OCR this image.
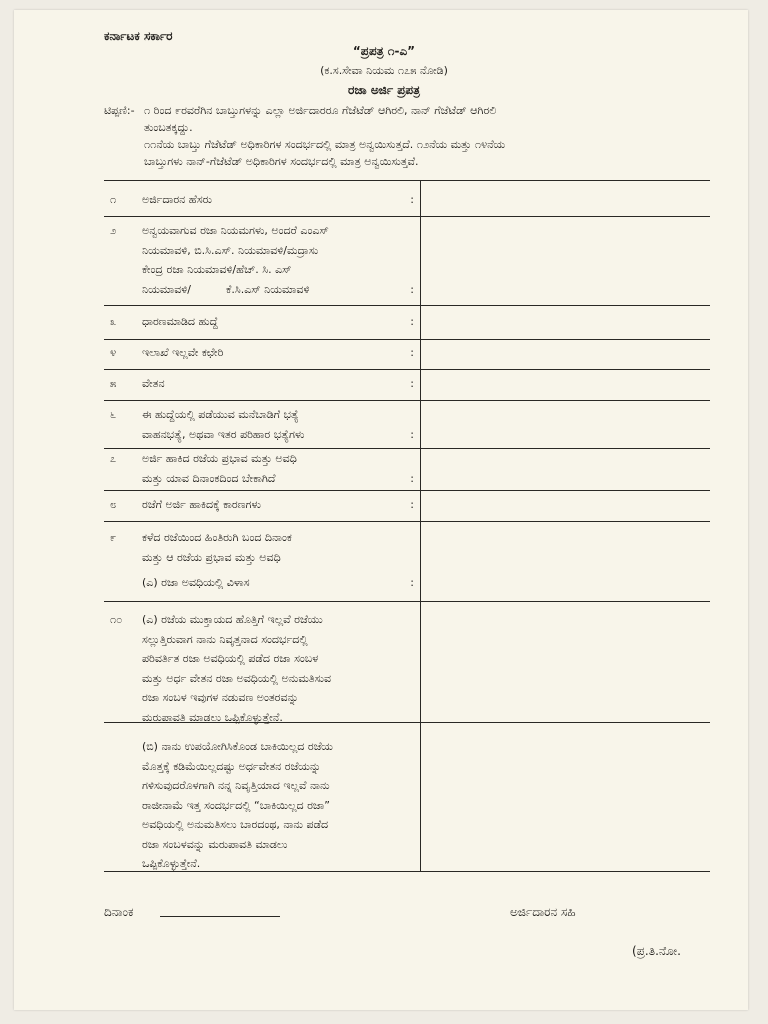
ಕರ್ನಾಟಕ ಸರ್ಕಾರ
“ಪ್ರಪತ್ರ ೧-ಎ”
(ಕ.ಸ.ಸೇವಾ ನಿಯಮ ೧೭೫ ನೋಡಿ)
ರಜಾ ಅರ್ಜಿ ಪ್ರಪತ್ರ
ಟಿಪ್ಪಣಿ:- ೧ ರಿಂದ ೯ರವರೆಗಿನ ಬಾಬ್ತುಗಳನ್ನು ಎಲ್ಲಾ ಅರ್ಜಿದಾರರೂ ಗೆಜೆಟೆಡ್ ಆಗಿರಲಿ, ನಾನ್ ಗೆಜೆಟೆಡ್ ಆಗಿರಲಿ
ತುಂಬತಕ್ಕದ್ದು.
೧೧ನೆಯ ಬಾಬ್ತು ಗೆಜೆಟೆಡ್ ಅಧಿಕಾರಿಗಳ ಸಂದರ್ಭದಲ್ಲಿ ಮಾತ್ರ ಅನ್ವಯಿಸುತ್ತದೆ. ೧೨ನೆಯ ಮತ್ತು ೧೪ನೆಯ
ಬಾಬ್ತುಗಳು ನಾನ್-ಗೆಜೆಟೆಡ್ ಅಧಿಕಾರಿಗಳ ಸಂದರ್ಭದಲ್ಲಿ ಮಾತ್ರ ಅನ್ವಯಿಸುತ್ತವೆ.
೧	ಅರ್ಜಿದಾರನ ಹೆಸರು	:
೨	ಅನ್ವಯವಾಗುವ ರಜಾ ನಿಯಮಗಳು, ಅಂದರೆ ಎಂಎಸ್
ನಿಯಮಾವಳಿ, ಬಿ.ಸಿ.ಎಸ್. ನಿಯಮಾವಳಿ/ಮದ್ರಾಸು
ಕೇಂದ್ರ ರಜಾ ನಿಯಮಾವಳಿ/ಹೆಚ್. ಸಿ. ಎಸ್
ನಿಯಮಾವಳಿ/          ಕೆ.ಸಿ.ಎಸ್ ನಿಯಮಾವಳಿ	:
೩	ಧಾರಣಮಾಡಿದ ಹುದ್ದೆ	:
೪	ಇಲಾಖೆ ಇಲ್ಲವೇ ಕಛೇರಿ	:
೫	ವೇತನ	:
೬	ಈ ಹುದ್ದೆಯಲ್ಲಿ ಪಡೆಯುವ ಮನೆಬಾಡಿಗೆ ಭತ್ಯೆ
ವಾಹನಭತ್ಯೆ, ಅಥವಾ ಇತರ ಪರಿಹಾರ ಭತ್ಯೆಗಳು	:
೭	ಅರ್ಜಿ ಹಾಕಿದ ರಜೆಯ ಪ್ರಭಾವ ಮತ್ತು ಅವಧಿ
ಮತ್ತು ಯಾವ ದಿನಾಂಕದಿಂದ ಬೇಕಾಗಿದೆ	:
೮	ರಜೆಗೆ ಅರ್ಜಿ ಹಾಕಿದಕ್ಕೆ ಕಾರಣಗಳು	:
೯	ಕಳೆದ ರಜೆಯಿಂದ ಹಿಂತಿರುಗಿ ಬಂದ ದಿನಾಂಕ
ಮತ್ತು ಆ ರಜೆಯ ಪ್ರಭಾವ ಮತ್ತು ಅವಧಿ
(ಎ) ರಜಾ ಅವಧಿಯಲ್ಲಿ ವಿಳಾಸ	:
೧೦	(ಎ) ರಜೆಯ ಮುಕ್ತಾಯದ ಹೊತ್ತಿಗೆ ಇಲ್ಲವೆ ರಜೆಯು
ಸಲ್ಲುತ್ತಿರುವಾಗ ನಾನು ನಿವೃತ್ತನಾದ ಸಂದರ್ಭದಲ್ಲಿ
ಪರಿವರ್ತಿತ ರಜಾ ಅವಧಿಯಲ್ಲಿ ಪಡೆದ ರಜಾ ಸಂಬಳ
ಮತ್ತು ಅರ್ಧ ವೇತನ ರಜಾ ಅವಧಿಯಲ್ಲಿ ಅನುಮತಿಸುವ
ರಜಾ ಸಂಬಳ ಇವುಗಳ ನಡುವಣ ಅಂತರವನ್ನು
ಮರುಪಾವತಿ ಮಾಡಲು ಒಪ್ಪಿಕೊಳ್ಳುತ್ತೇನೆ.
(ಬಿ) ನಾನು ಉಪಯೋಗಿಸಿಕೊಂಡ ಬಾಕಿಯಿಲ್ಲದ ರಜೆಯ
ಮೊತ್ತಕ್ಕೆ ಕಡಿಮೆಯಿಲ್ಲದಷ್ಟು ಅರ್ಧವೇತನ ರಜೆಯನ್ನು
ಗಳಿಸುವುದರೊಳಗಾಗಿ ನನ್ನ ನಿವೃತ್ತಿಯಾದ ಇಲ್ಲವೆ ನಾನು
ರಾಜೀನಾಮೆ ಇತ್ತ ಸಂದರ್ಭದಲ್ಲಿ “ಬಾಕಿಯಿಲ್ಲದ ರಜಾ”
ಅವಧಿಯಲ್ಲಿ ಅನುಮತಿಸಲು ಬಾರದಂಥ, ನಾನು ಪಡೆದ
ರಜಾ ಸಂಬಳವನ್ನು ಮರುಪಾವತಿ ಮಾಡಲು
ಒಪ್ಪಿಕೊಳ್ಳುತ್ತೇನೆ.
ದಿನಾಂಕ	ಅರ್ಜಿದಾರನ ಸಹಿ
(ಪ್ರ.ತಿ.ನೋ.
